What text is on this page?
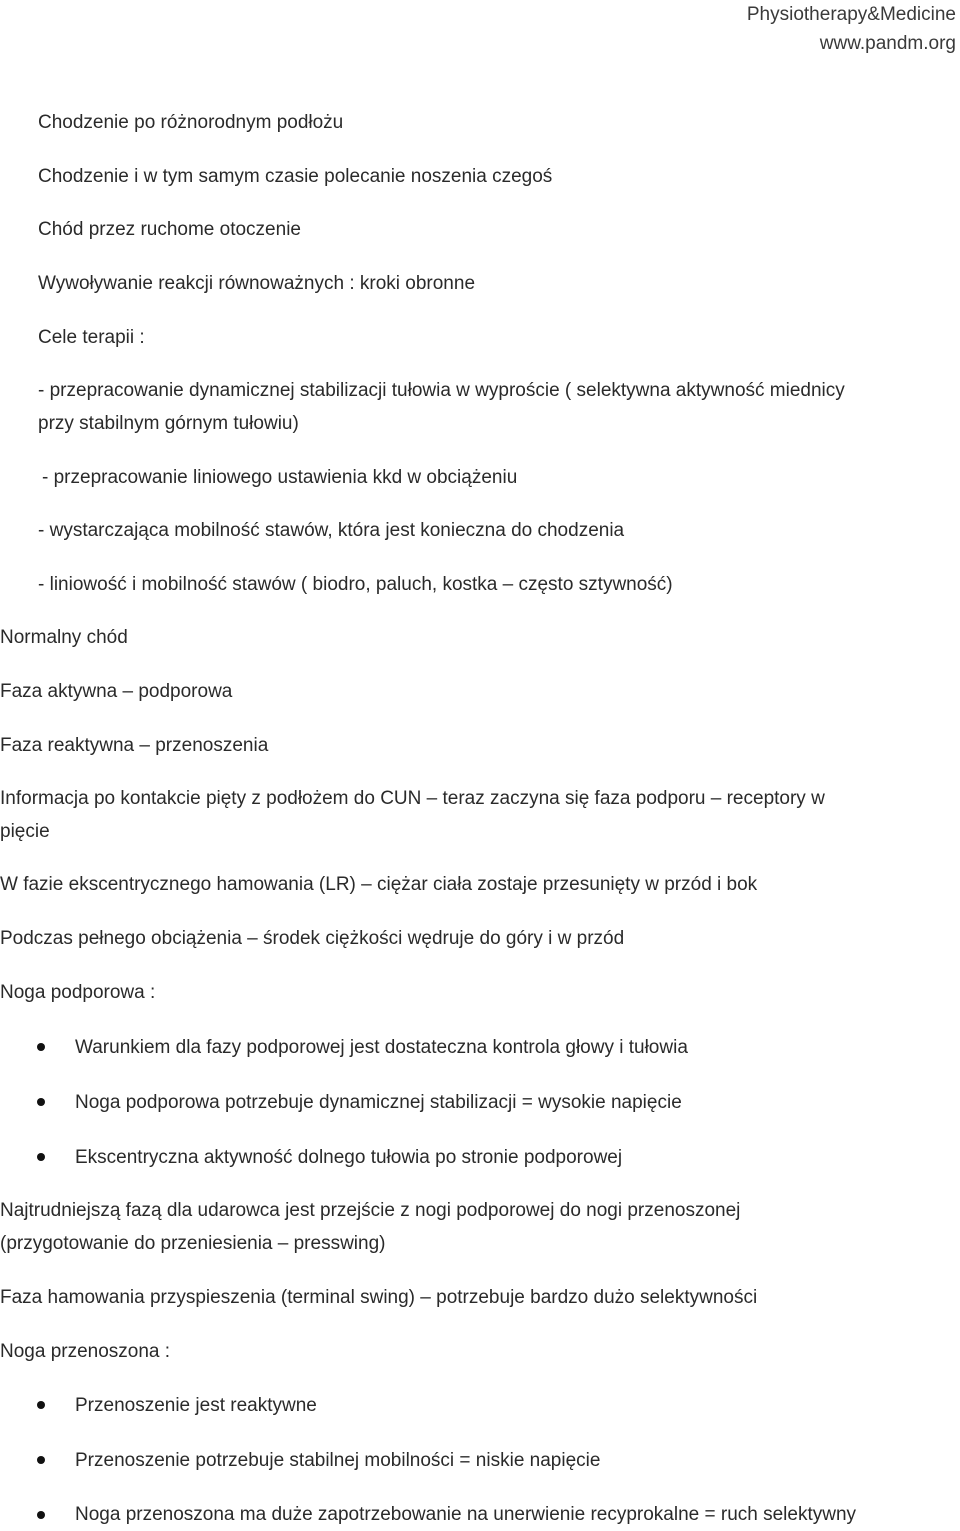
Physiotherapy&Medicine
www.pandm.org
Chodzenie po różnorodnym podłożu
Chodzenie i w tym samym czasie polecanie noszenia czegoś
Chód przez ruchome otoczenie
Wywoływanie reakcji równoważnych : kroki obronne
Cele terapii :
- przepracowanie dynamicznej stabilizacji tułowia w wyproście ( selektywna aktywność miednicy
przy stabilnym górnym tułowiu)
- przepracowanie liniowego ustawienia kkd w obciążeniu
- wystarczająca mobilność stawów, która jest konieczna do chodzenia
- liniowość i mobilność stawów ( biodro, paluch, kostka – często sztywność)
Normalny chód
Faza aktywna – podporowa
Faza reaktywna – przenoszenia
Informacja po kontakcie pięty z podłożem do CUN – teraz zaczyna się faza podporu – receptory w
pięcie
W fazie ekscentrycznego hamowania (LR) – ciężar ciała zostaje przesunięty w przód i bok
Podczas pełnego obciążenia – środek ciężkości wędruje do góry i w przód
Noga podporowa :
Warunkiem dla fazy podporowej jest dostateczna kontrola głowy i tułowia
Noga podporowa potrzebuje dynamicznej stabilizacji = wysokie napięcie
Ekscentryczna aktywność dolnego tułowia po stronie podporowej
Najtrudniejszą fazą dla udarowca jest przejście z nogi podporowej do nogi przenoszonej
(przygotowanie do przeniesienia – presswing)
Faza hamowania przyspieszenia (terminal swing) – potrzebuje bardzo dużo selektywności
Noga przenoszona :
Przenoszenie jest reaktywne
Przenoszenie potrzebuje stabilnej mobilności = niskie napięcie
Noga przenoszona ma duże zapotrzebowanie na unerwienie recyprokalne = ruch selektywny
